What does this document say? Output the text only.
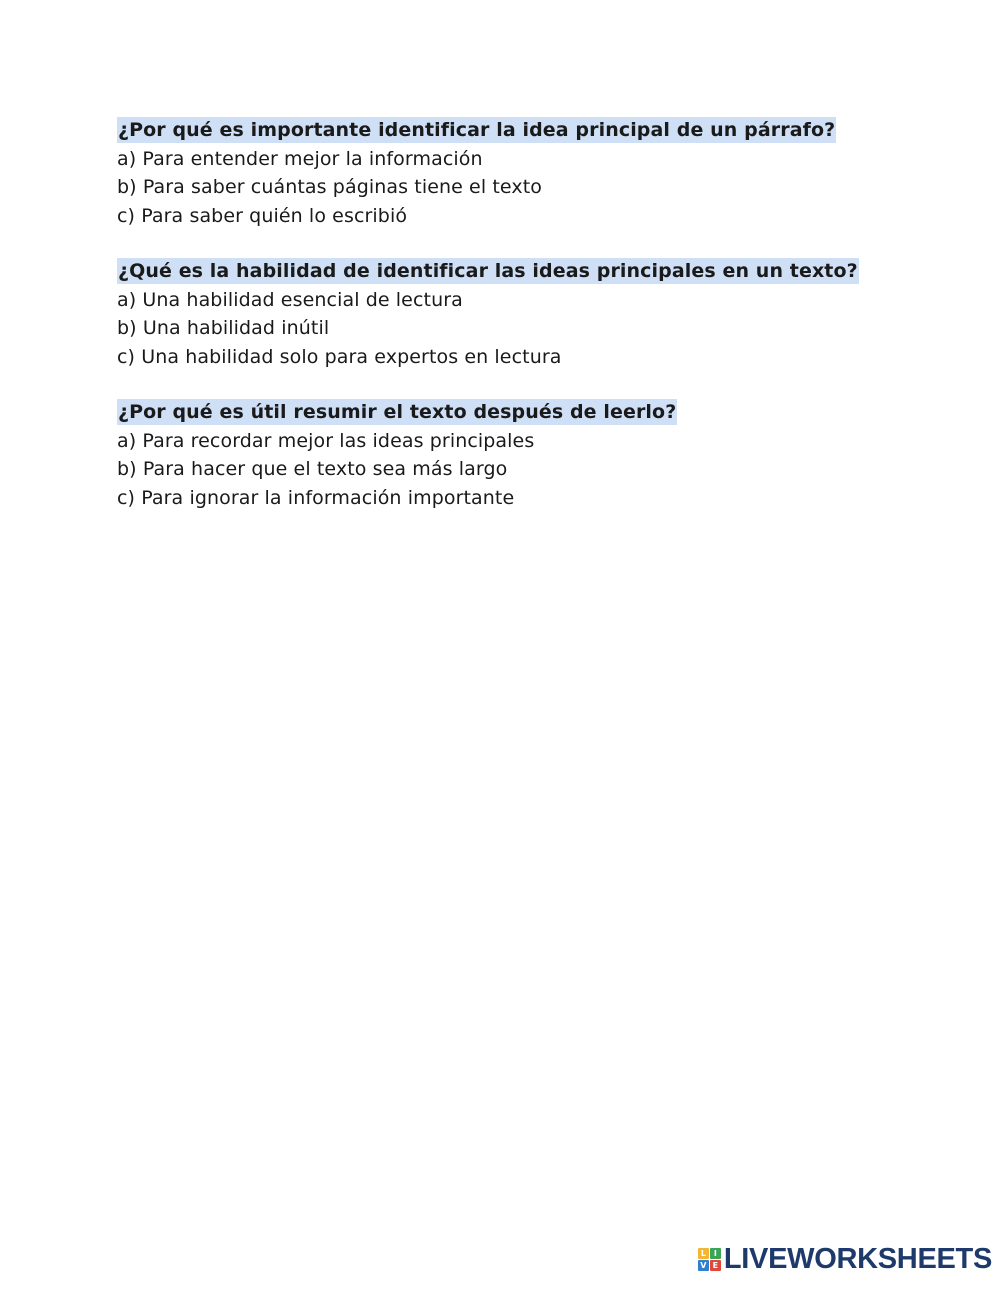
¿Por qué es importante identificar la idea principal de un párrafo?
a) Para entender mejor la información
b) Para saber cuántas páginas tiene el texto
c) Para saber quién lo escribió
¿Qué es la habilidad de identificar las ideas principales en un texto?
a) Una habilidad esencial de lectura
b) Una habilidad inútil
c) Una habilidad solo para expertos en lectura
¿Por qué es útil resumir el texto después de leerlo?
a) Para recordar mejor las ideas principales
b) Para hacer que el texto sea más largo
c) Para ignorar la información importante
L I
V E LIVEWORKSHEETS
